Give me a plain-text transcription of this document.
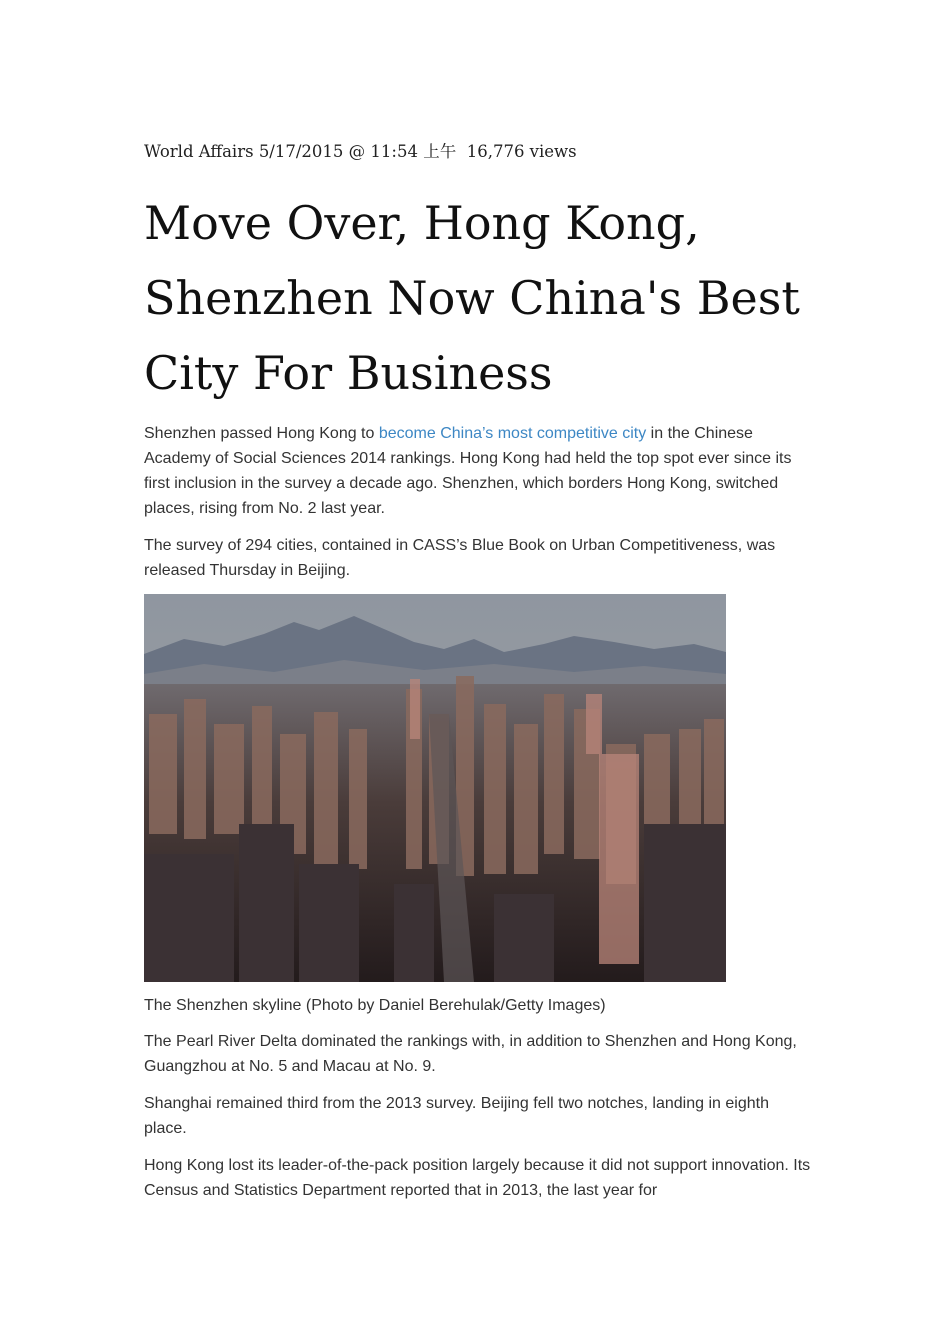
World Affairs 5/17/2015 @ 11:54 上午 16,776 views
Move Over, Hong Kong, Shenzhen Now China's Best City For Business

Shenzhen passed Hong Kong to become China’s most competitive city in the Chinese Academy of Social Sciences 2014 rankings. Hong Kong had held the top spot ever since its first inclusion in the survey a decade ago. Shenzhen, which borders Hong Kong, switched places, rising from No. 2 last year.

The survey of 294 cities, contained in CASS’s Blue Book on Urban Competitiveness, was released Thursday in Beijing.

The Shenzhen skyline (Photo by Daniel Berehulak/Getty Images)

The Pearl River Delta dominated the rankings with, in addition to Shenzhen and Hong Kong, Guangzhou at No. 5 and Macau at No. 9.

Shanghai remained third from the 2013 survey. Beijing fell two notches, landing in eighth place.

Hong Kong lost its leader-of-the-pack position largely because it did not support innovation. Its Census and Statistics Department reported that in 2013, the last year for
